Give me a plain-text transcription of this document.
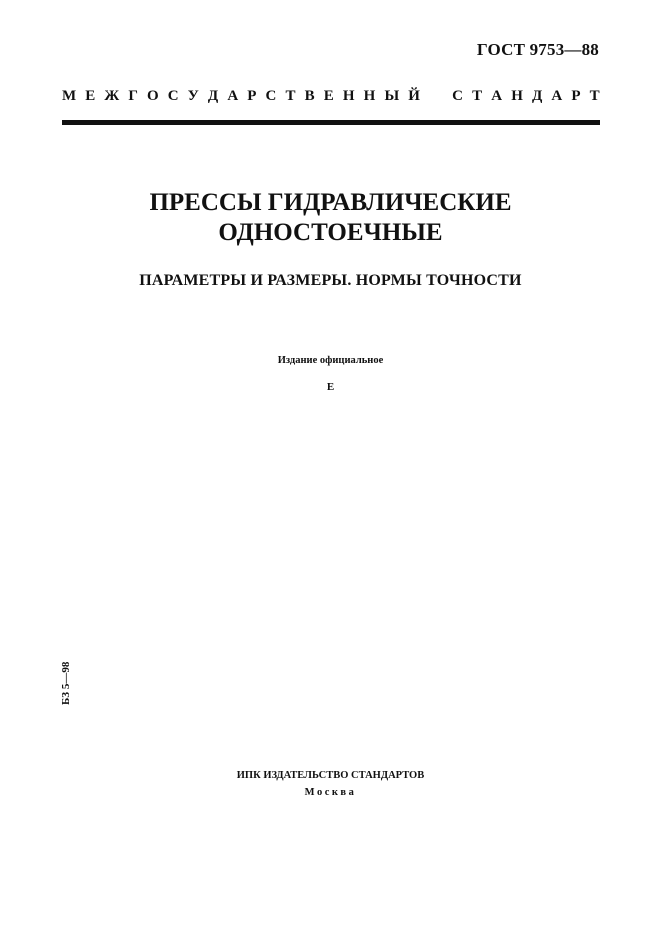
ГОСТ 9753—88
М Е Ж Г О С У Д А Р С Т В Е Н Н Ы Й С Т А Н Д А Р Т
ПРЕССЫ ГИДРАВЛИЧЕСКИЕ
ОДНОСТОЕЧНЫЕ
ПАРАМЕТРЫ И РАЗМЕРЫ. НОРМЫ ТОЧНОСТИ
Издание официальное
Е
БЗ 5—98
ИПК ИЗДАТЕЛЬСТВО СТАНДАРТОВ
Москва
